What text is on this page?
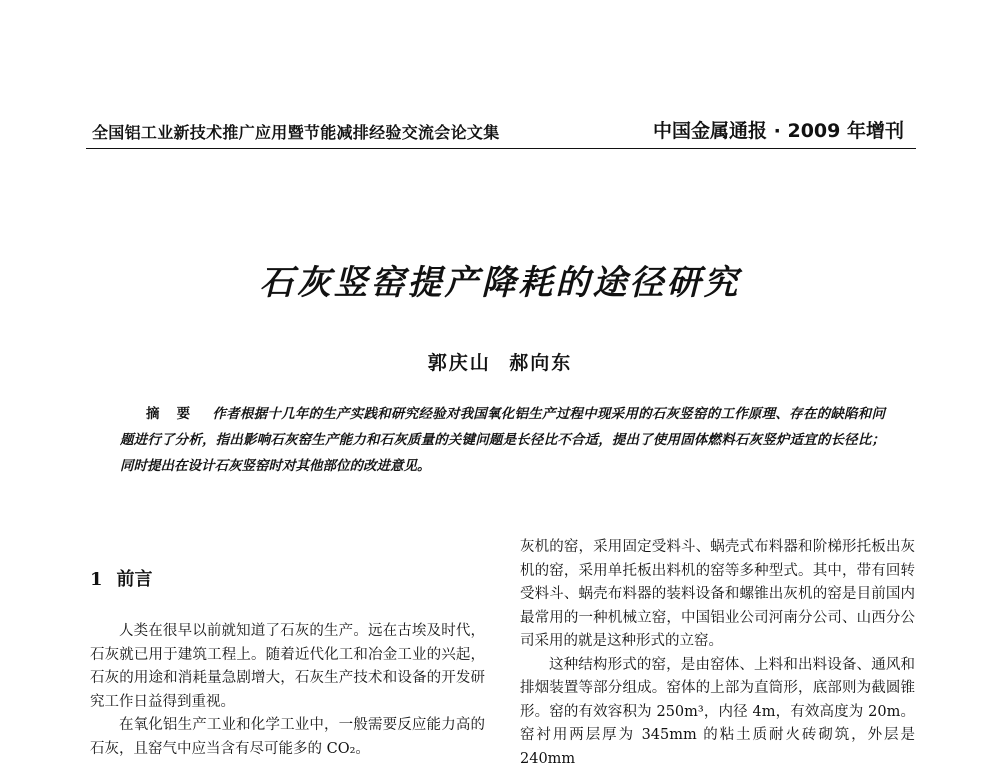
全国铝工业新技术推广应用暨节能减排经验交流会论文集	中国金属通报 · 2009 年增刊
石灰竖窑提产降耗的途径研究
郭庆山 郝向东

摘 要 作者根据十几年的生产实践和研究经验对我国氧化铝生产过程中现采用的石灰竖窑的工作原理、存在的缺陷和问题进行了分析，指出影响石灰窑生产能力和石灰质量的关键问题是长径比不合适，提出了使用固体燃料石灰竖炉适宜的长径比；同时提出在设计石灰竖窑时对其他部位的改进意见。

1 前言

人类在很早以前就知道了石灰的生产。远在古埃及时代，石灰就已用于建筑工程上。随着近代化工和冶金工业的兴起，石灰的用途和消耗量急剧增大，石灰生产技术和设备的开发研究工作日益得到重视。

在氧化铝生产工业和化学工业中，一般需要反应能力高的石灰，且窑气中应当含有尽可能多的 CO₂。

灰机的窑，采用固定受料斗、蜗壳式布料器和阶梯形托板出灰机的窑，采用单托板出料机的窑等多种型式。其中，带有回转受料斗、蜗壳布料器的装料设备和螺锥出灰机的窑是目前国内最常用的一种机械立窑，中国铝业公司河南分公司、山西分公司采用的就是这种形式的立窑。

这种结构形式的窑，是由窑体、上料和出料设备、通风和排烟装置等部分组成。窑体的上部为直筒形，底部则为截圆锥形。窑的有效容积为 250m³，内径 4m，有效高度为 20m。窑衬用两层厚为 345mm 的粘土质耐火砖砌筑，外层是 240mm
